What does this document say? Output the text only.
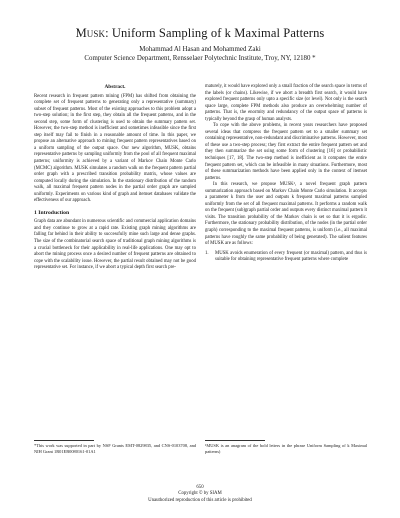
Musk: Uniform Sampling of k Maximal Patterns
Mohammad Al Hasan and Mohammed Zaki
Computer Science Department, Rensselaer Polytechnic Institute, Troy, NY, 12180 *
Abstract.

Recent research in frequent pattern mining (FPM) has shifted from obtaining the complete set of frequent patterns to generating only a representative (summary) subset of frequent patterns. Most of the existing approaches to this problem adopt a two-step solution; in the first step, they obtain all the frequent patterns, and in the second step, some form of clustering is used to obtain the summary pattern set. However, the two-step method is inefficient and sometimes infeasible since the first step itself may fail to finish in a reasonable amount of time. In this paper, we propose an alternative approach to mining frequent pattern representatives based on a uniform sampling of the output space. Our new algorithm, MUSK, obtains representative patterns by sampling uniformly from the pool of all frequent maximal patterns; uniformity is achieved by a variant of Markov Chain Monte Carlo (MCMC) algorithm. MUSK simulates a random walk on the frequent pattern partial order graph with a prescribed transition probability matrix, whose values are computed locally during the simulation. In the stationary distribution of the random walk, all maximal frequent pattern nodes in the partial order graph are sampled uniformly. Experiments on various kind of graph and itemset databases validate the effectiveness of our approach.

1 Introduction

Graph data are abundant in numerous scientific and commercial application domains and they continue to grow at a rapid rate. Existing graph mining algorithms are falling far behind in their ability to successfully mine such large and dense graphs. The size of the combinatorial search space of traditional graph mining algorithms is a crucial bottleneck for their applicability in real-life applications. One may opt to abort the mining process once a desired number of frequent patterns are obtained to cope with the scalability issue. However, the partial result obtained may not be good representative set. For instance, if we abort a typical depth first search pre-

maturely, it would have explored only a small fraction of the search space in terms of the labels (or chains). Likewise, if we abort a breadth first search, it would have explored frequent patterns only upto a specific size (or level). Not only is the search space large, complete FPM methods also produce an overwhelming number of patterns. That is, the enormity and redundancy of the output space of patterns is typically beyond the grasp of human analysts.

To cope with the above problems, in recent years researchers have proposed several ideas that compress the frequent pattern set to a smaller summary set containing representative, non-redundant and discriminative patterns. However, most of these use a two-step process; they first extract the entire frequent pattern set and they then summarize the set using some form of clustering [16] or probabilistic techniques [17, 18]. The two-step method is inefficient as it computes the entire frequent pattern set, which can be infeasible in many situations. Furthermore, most of these summarization methods have been applied only in the context of itemset patterns.

In this research, we propose MUSK¹, a novel frequent graph pattern summarization approach based on Markov Chain Monte Carlo simulation. It accepts a parameter k from the user and outputs k frequent maximal patterns sampled uniformly from the set of all frequent maximal patterns. It performs a random walk on the frequent (sub)graph partial order and outputs every distinct maximal pattern it visits. The transition probability of the Markov chain is set so that it is ergodic. Furthermore, the stationary probability distribution, of the nodes (in the partial order graph) corresponding to the maximal frequent patterns, is uniform (i.e., all maximal patterns have roughly the same probability of being generated). The salient features of MUSK are as follows:

1.	MUSK avoids enumeration of every frequent (or maximal) pattern, and thus is suitable for obtaining representative frequent patterns where complete
*This work was supported in part by NSF Grants EMT-0829835, and CNS-0103708, and NIH Grant 1R01EB0080161-01A1
¹MUSK is an anagram of the bold letters in the phrase Uniform Sampling of k Maximal patterns)
650
Copyright © by SIAM
Unauthorized reproduction of this article is prohibited
